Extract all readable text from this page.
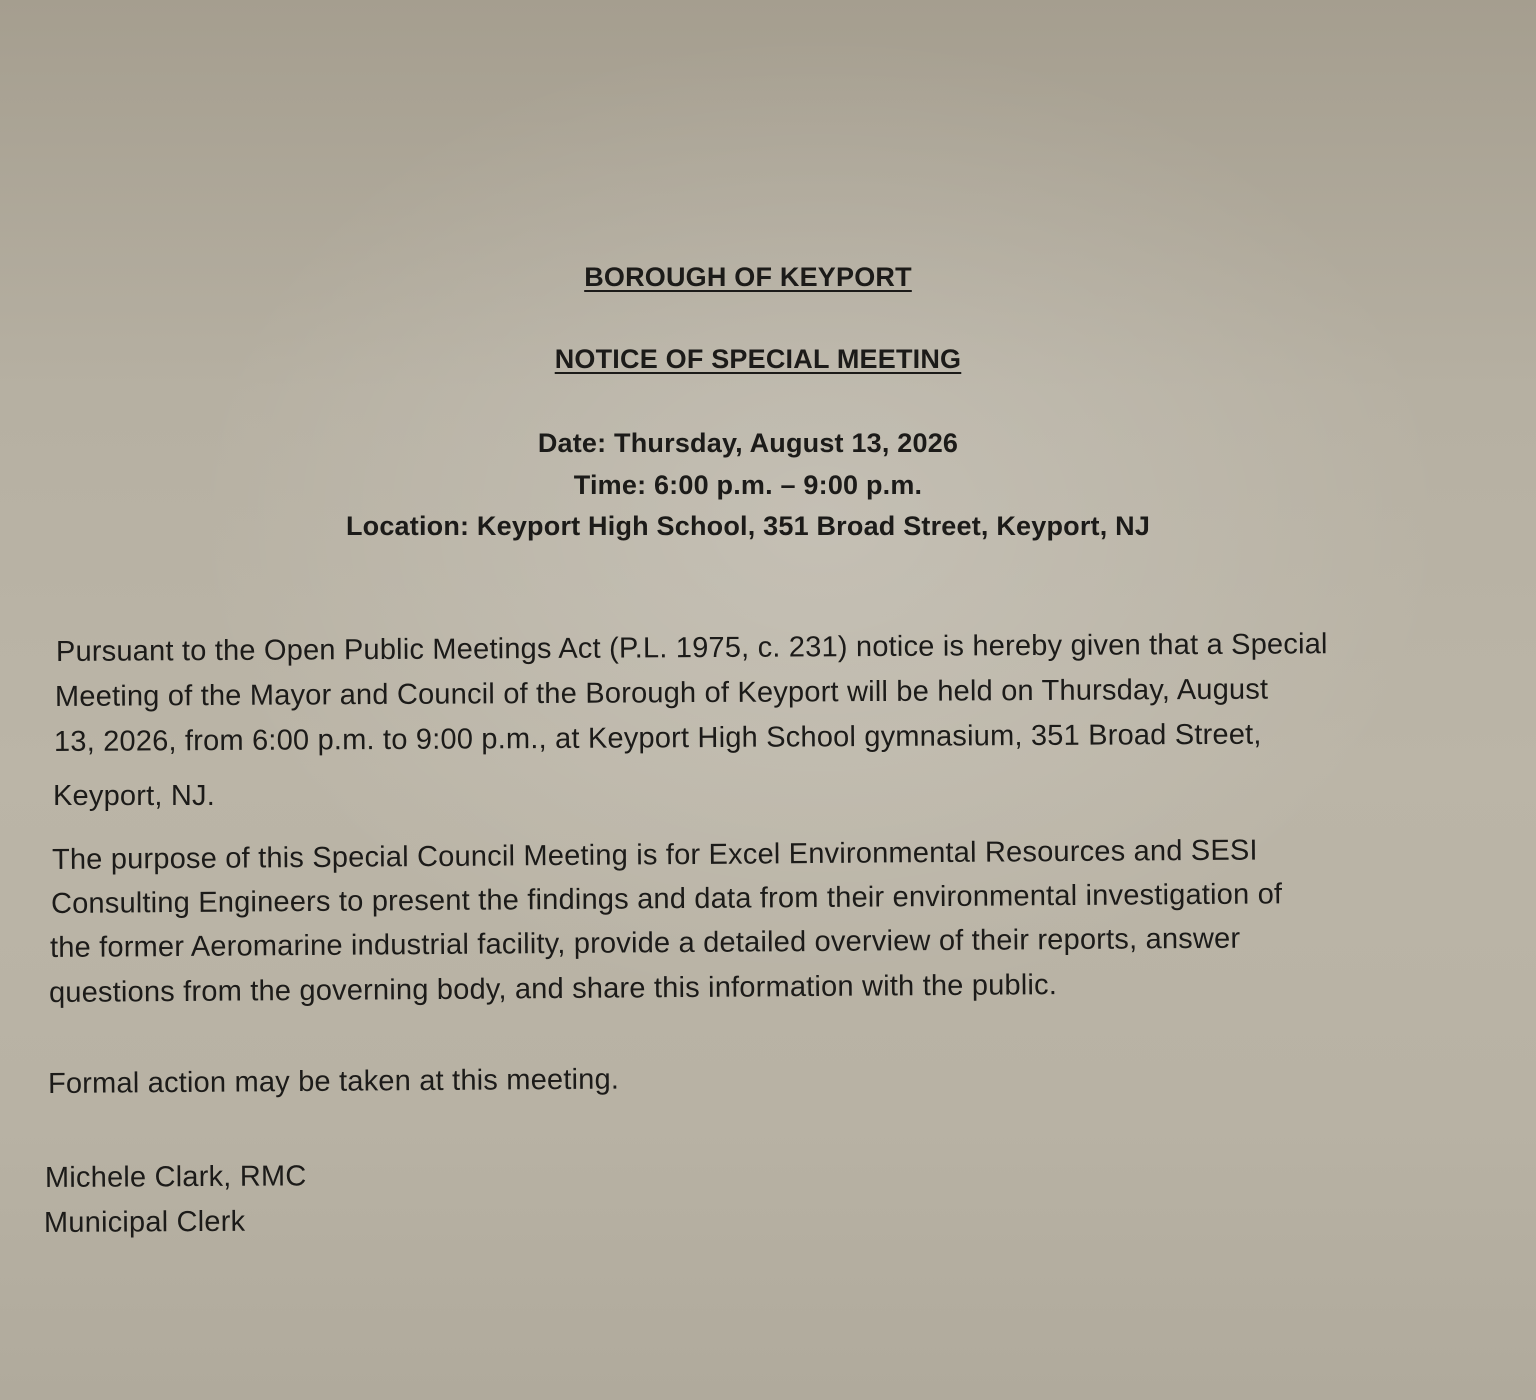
BOROUGH OF KEYPORT
NOTICE OF SPECIAL MEETING
Date: Thursday, August 13, 2026
Time: 6:00 p.m. – 9:00 p.m.
Location: Keyport High School, 351 Broad Street, Keyport, NJ
Pursuant to the Open Public Meetings Act (P.L. 1975, c. 231) notice is hereby given that a Special
Meeting of the Mayor and Council of the Borough of Keyport will be held on Thursday, August
13, 2026, from 6:00 p.m. to 9:00 p.m., at Keyport High School gymnasium, 351 Broad Street,
Keyport, NJ.
The purpose of this Special Council Meeting is for Excel Environmental Resources and SESI
Consulting Engineers to present the findings and data from their environmental investigation of
the former Aeromarine industrial facility, provide a detailed overview of their reports, answer
questions from the governing body, and share this information with the public.
Formal action may be taken at this meeting.
Michele Clark, RMC
Municipal Clerk
